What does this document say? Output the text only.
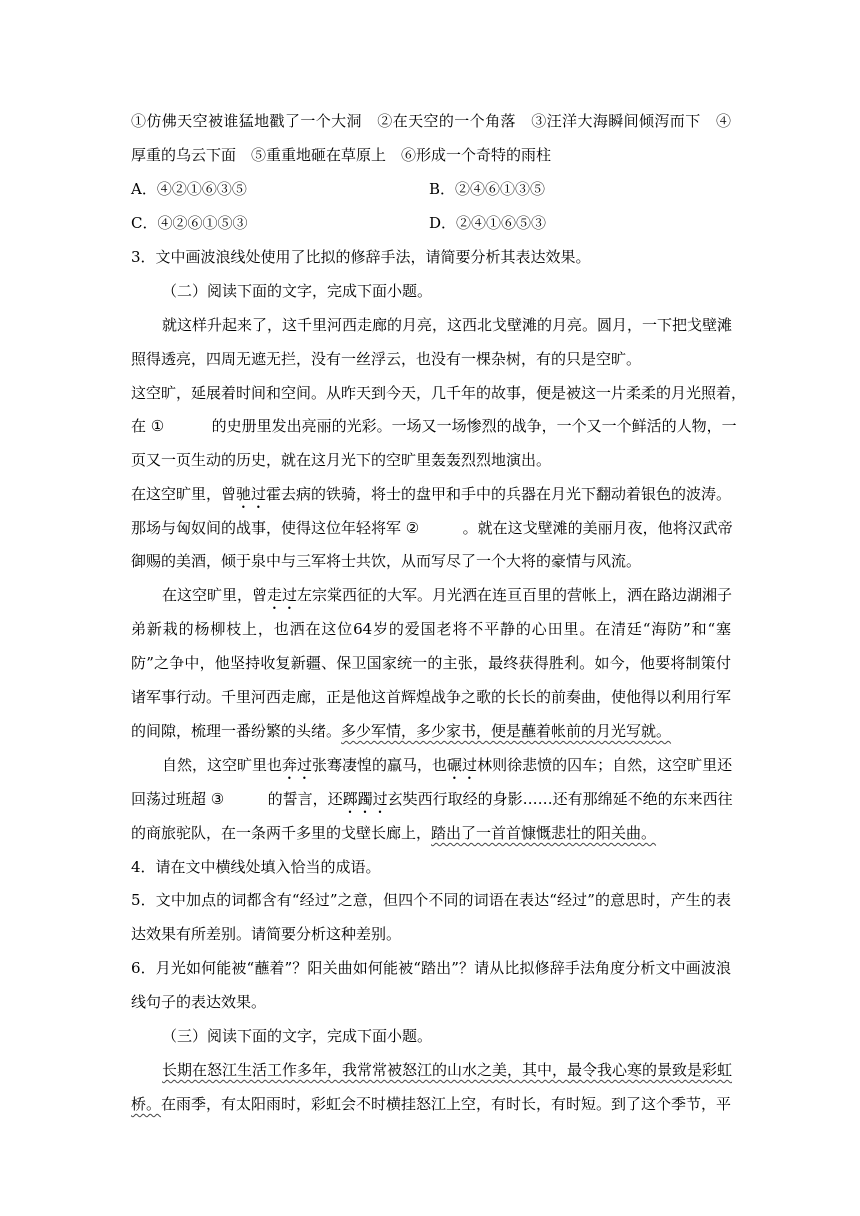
①仿佛天空被谁猛地戳了一个大洞　②在天空的一个角落　③汪洋大海瞬间倾泻而下　④
厚重的乌云下面　⑤重重地砸在草原上　⑥形成一个奇特的雨柱
A．④②①⑥③⑤	B．②④⑥①③⑤
C．④②⑥①⑤③	D．②④①⑥⑤③
3．文中画波浪线处使用了比拟的修辞手法，请简要分析其表达效果。
（二）阅读下面的文字，完成下面小题。
就这样升起来了，这千里河西走廊的月亮，这西北戈壁滩的月亮。圆月，一下把戈壁滩
照得透亮，四周无遮无拦，没有一丝浮云，也没有一棵杂树，有的只是空旷。
这空旷，延展着时间和空间。从昨天到今天，几千年的故事，便是被这一片柔柔的月光照着，
在 ①	的史册里发出亮丽的光彩。一场又一场惨烈的战争，一个又一个鲜活的人物，一
页又一页生动的历史，就在这月光下的空旷里轰轰烈烈地演出。
在这空旷里，曾驰过霍去病的铁骑，将士的盘甲和手中的兵器在月光下翻动着银色的波涛。
那场与匈奴间的战事，使得这位年轻将军 ②	。就在这戈壁滩的美丽月夜，他将汉武帝
御赐的美酒，倾于泉中与三军将士共饮，从而写尽了一个大将的豪情与风流。
在这空旷里，曾走过左宗棠西征的大军。月光洒在连亘百里的营帐上，洒在路边湖湘子
弟新栽的杨柳枝上，也洒在这位64岁的爱国老将不平静的心田里。在清廷“海防”和“塞
防”之争中，他坚持收复新疆、保卫国家统一的主张，最终获得胜利。如今，他要将制策付
诸军事行动。千里河西走廊，正是他这首辉煌战争之歌的长长的前奏曲，使他得以利用行军
的间隙，梳理一番纷繁的头绪。多少军情，多少家书，便是蘸着帐前的月光写就。
自然，这空旷里也奔过张骞凄惶的羸马，也碾过林则徐悲愤的囚车；自然，这空旷里还
回荡过班超 ③	的誓言，还踯躅过玄奘西行取经的身影……还有那绵延不绝的东来西往
的商旅驼队，在一条两千多里的戈壁长廊上，踏出了一首首慷慨悲壮的阳关曲。
4．请在文中横线处填入恰当的成语。
5．文中加点的词都含有“经过”之意，但四个不同的词语在表达“经过”的意思时，产生的表
达效果有所差别。请简要分析这种差别。
6．月光如何能被“蘸着”？阳关曲如何能被“踏出”？请从比拟修辞手法角度分析文中画波浪
线句子的表达效果。
（三）阅读下面的文字，完成下面小题。
长期在怒江生活工作多年，我常常被怒江的山水之美，其中，最令我心寒的景致是彩虹
桥。在雨季，有太阳雨时，彩虹会不时横挂怒江上空，有时长，有时短。到了这个季节，平
